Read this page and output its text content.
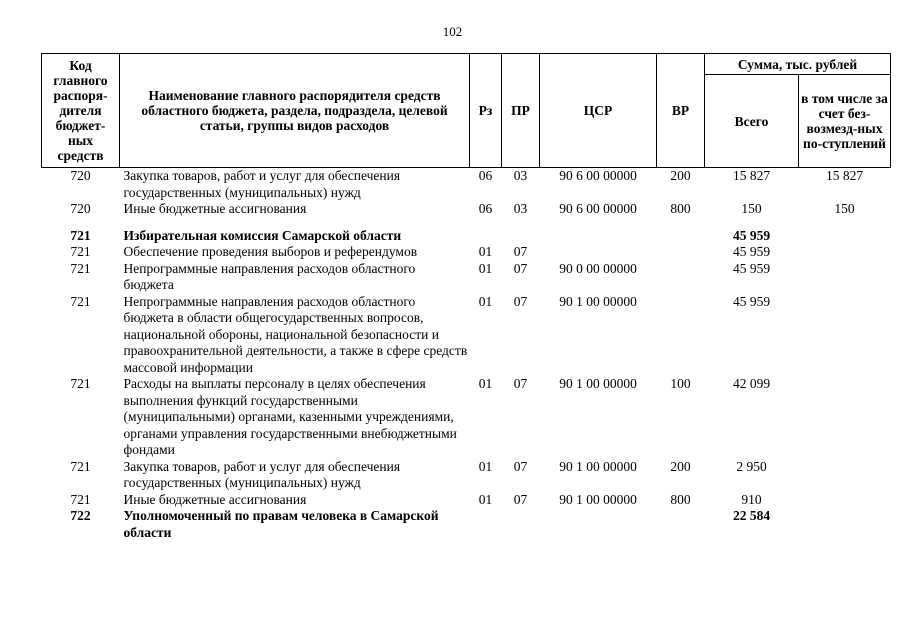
102
Код главного распоря-дителя бюджет-ных средств	Наименование главного распорядителя средств областного бюджета, раздела, подраздела, целевой статьи, группы видов расходов	Рз	ПР	ЦСР	ВР	Сумма, тыс. рублей	
						Всего	в том числе за счет без-возмезд-ных по-ступлений
720	Закупка товаров, работ и услуг для обеспечения государственных (муниципальных) нужд	06	03	90 6 00 00000	200	15 827	15 827
720	Иные бюджетные ассигнования	06	03	90 6 00 00000	800	150	150
721	Избирательная комиссия Самарской области					45 959	
721	Обеспечение проведения выборов и референдумов	01	07			45 959	
721	Непрограммные направления расходов областного бюджета	01	07	90 0 00 00000		45 959	
721	Непрограммные направления расходов областного бюджета в области общегосударственных вопросов, национальной обороны, национальной безопасности и правоохранительной деятельности, а также в сфере средств массовой информации	01	07	90 1 00 00000		45 959	
721	Расходы на выплаты персоналу в целях обеспечения выполнения функций государственными (муниципальными) органами, казенными учреждениями, органами управления государственными внебюджетными фондами	01	07	90 1 00 00000	100	42 099	
721	Закупка товаров, работ и услуг для обеспечения государственных (муниципальных) нужд	01	07	90 1 00 00000	200	2 950	
721	Иные бюджетные ассигнования	01	07	90 1 00 00000	800	910	
722	Уполномоченный по правам человека в Самарской области					22 584	
